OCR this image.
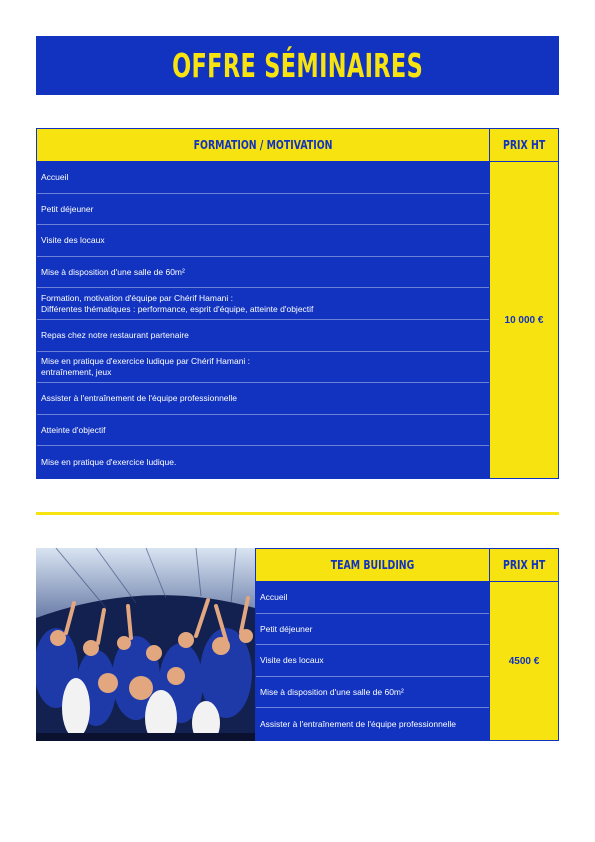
OFFRE SÉMINAIRES
FORMATION / MOTIVATION	PRIX HT
Accueil
Petit déjeuner
Visite des locaux
Mise à disposition d'une salle de 60m²
Formation, motivation d'équipe par Chérif Hamani :
Différentes thématiques : performance, esprit d'équipe, atteinte d'objectif
Repas chez notre restaurant partenaire
Mise en pratique d'exercice ludique par Chérif Hamani :
entraînement, jeux
Assister à l'entraînement de l'équipe professionnelle
Atteinte d'objectif
Mise en pratique d'exercice ludique.
10 000 €
TEAM BUILDING	PRIX HT
Accueil
Petit déjeuner
Visite des locaux
Mise à disposition d'une salle de 60m²
Assister à l'entraînement de l'équipe professionnelle
4500 €
